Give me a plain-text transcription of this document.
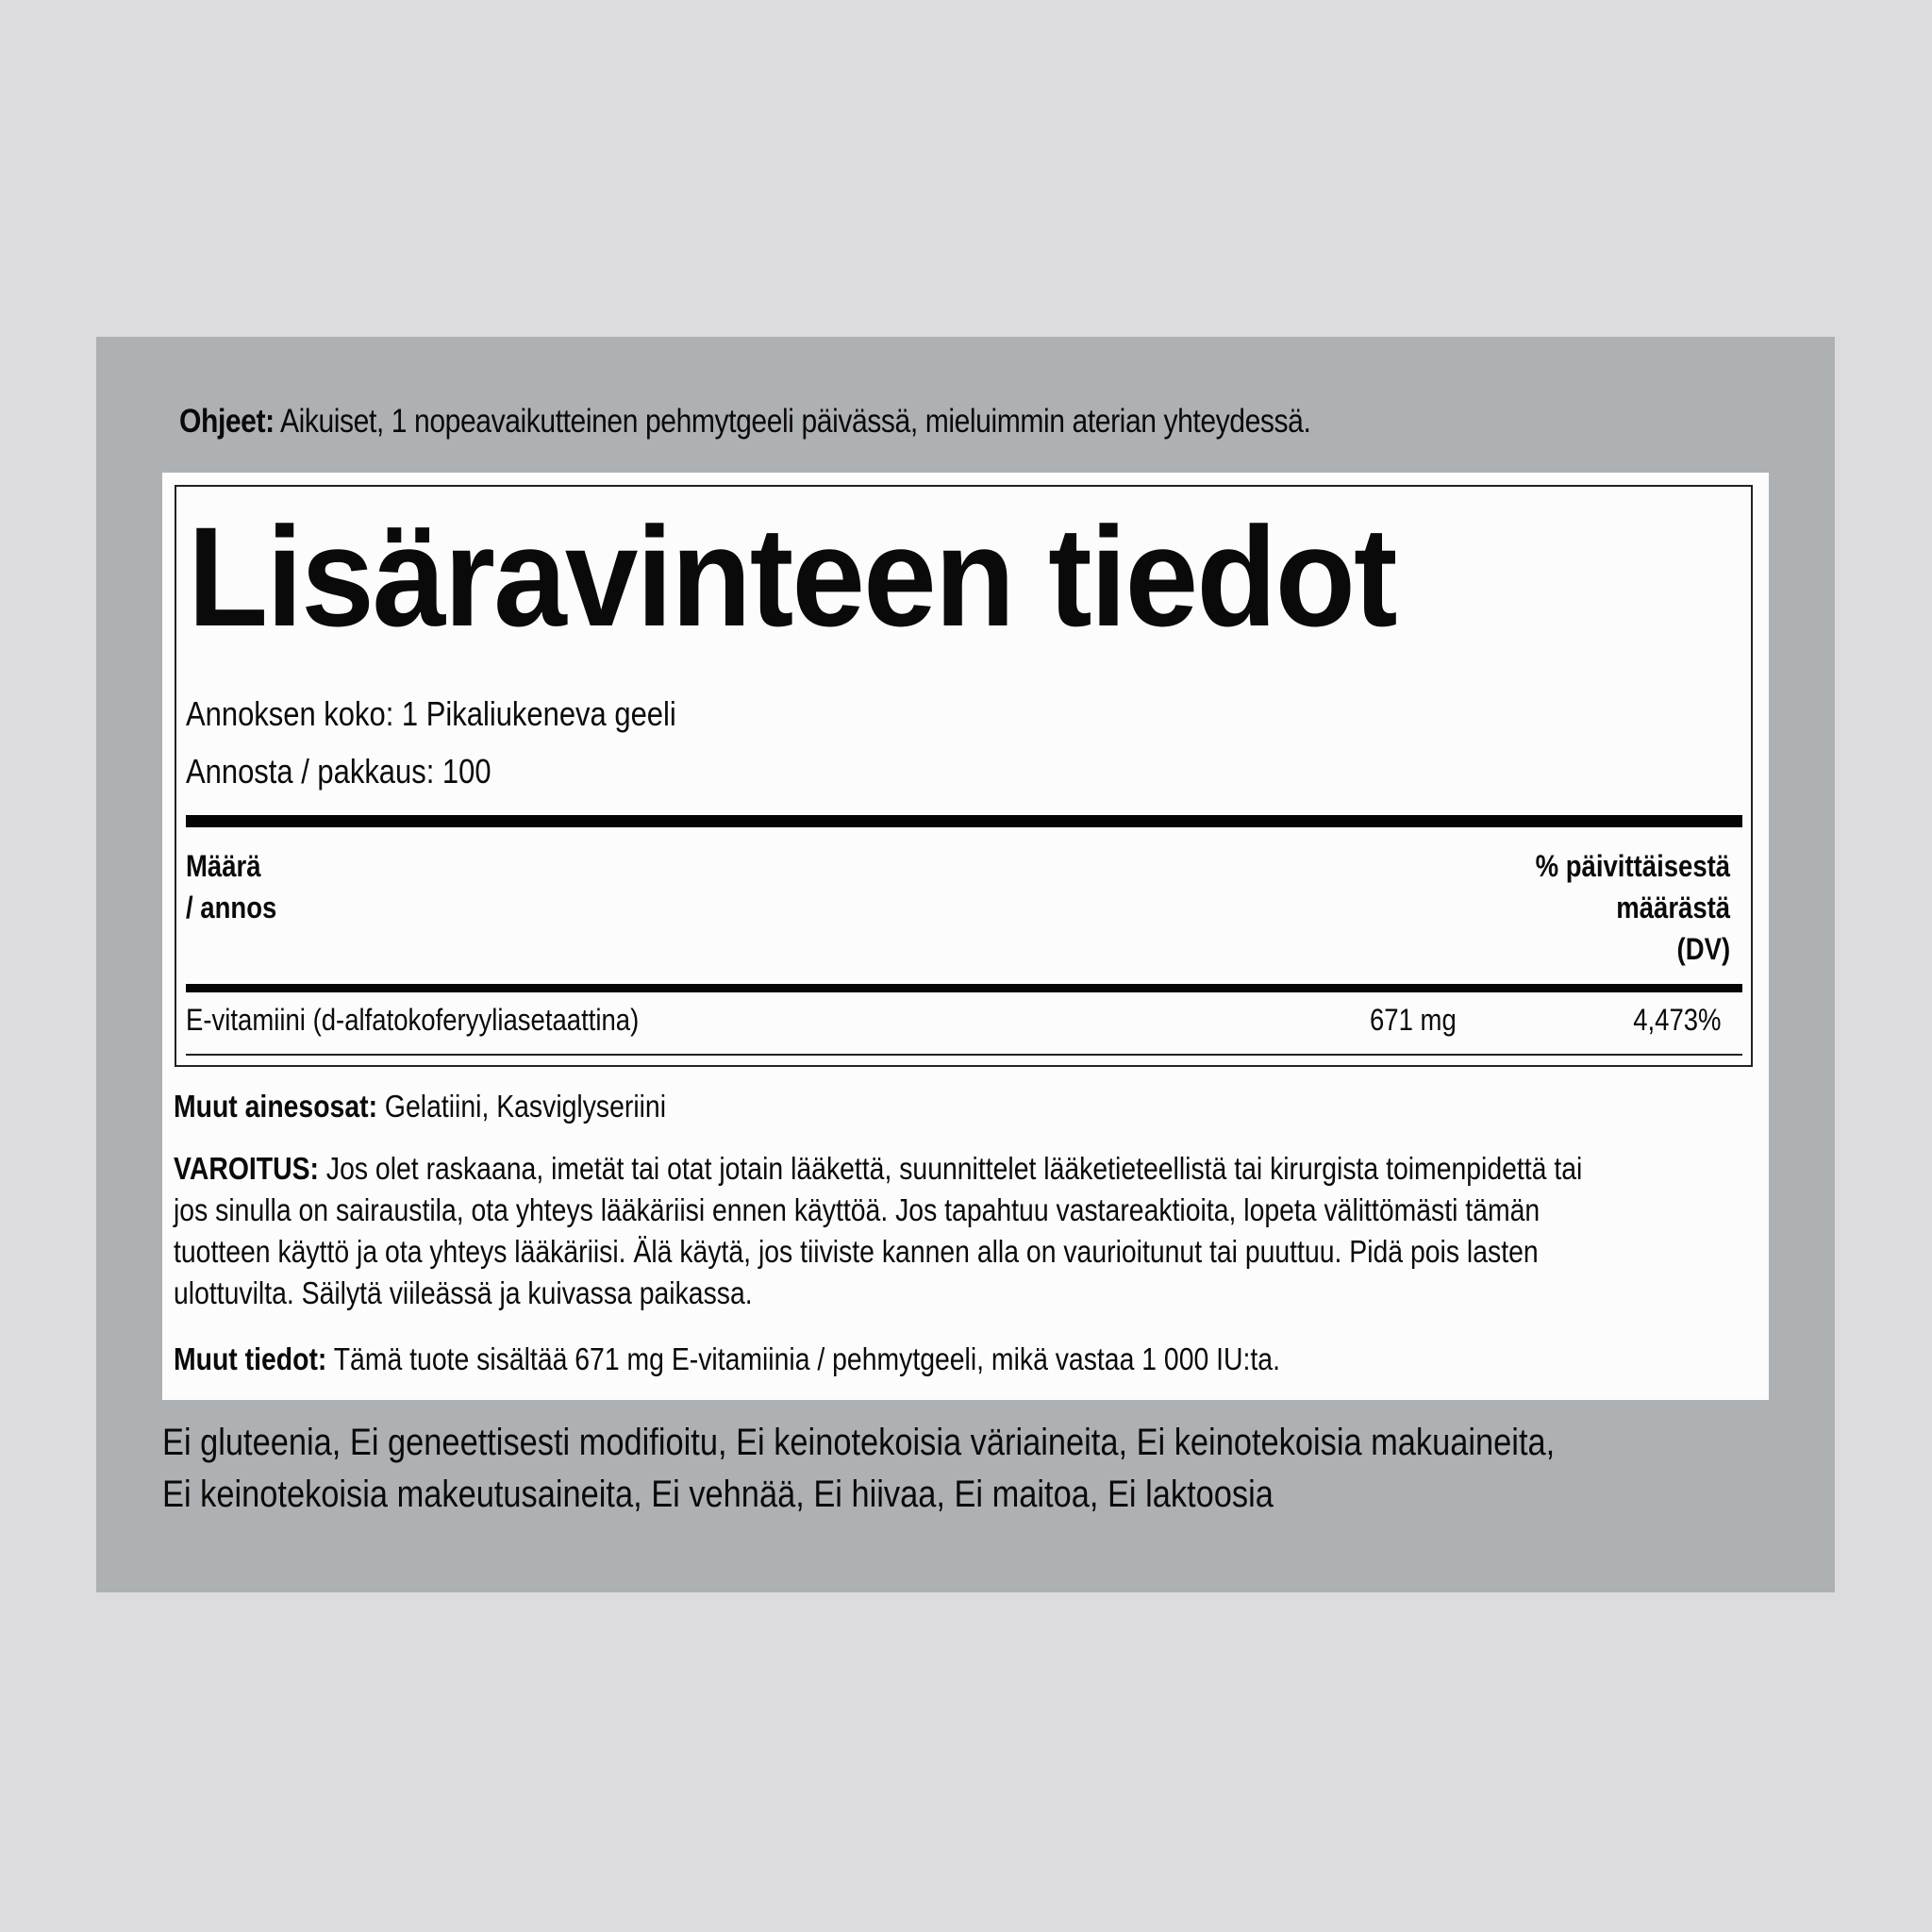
Ohjeet: Aikuiset, 1 nopeavaikutteinen pehmytgeeli päivässä, mieluimmin aterian yhteydessä.
Lisäravinteen tiedot
Annoksen koko: 1 Pikaliukeneva geeli
Annosta / pakkaus: 100
Määrä
/ annos
% päivittäisestä
määrästä
(DV)
E-vitamiini (d-alfatokoferyyliasetaattina)	671 mg	4,473%
Muut ainesosat: Gelatiini, Kasviglyseriini
VAROITUS: Jos olet raskaana, imetät tai otat jotain lääkettä, suunnittelet lääketieteellistä tai kirurgista toimenpidettä tai
jos sinulla on sairaustila, ota yhteys lääkäriisi ennen käyttöä. Jos tapahtuu vastareaktioita, lopeta välittömästi tämän
tuotteen käyttö ja ota yhteys lääkäriisi. Älä käytä, jos tiiviste kannen alla on vaurioitunut tai puuttuu. Pidä pois lasten
ulottuvilta. Säilytä viileässä ja kuivassa paikassa.
Muut tiedot: Tämä tuote sisältää 671 mg E-vitamiinia / pehmytgeeli, mikä vastaa 1 000 IU:ta.
Ei gluteenia, Ei geneettisesti modifioitu, Ei keinotekoisia väriaineita, Ei keinotekoisia makuaineita,
Ei keinotekoisia makeutusaineita, Ei vehnää, Ei hiivaa, Ei maitoa, Ei laktoosia
